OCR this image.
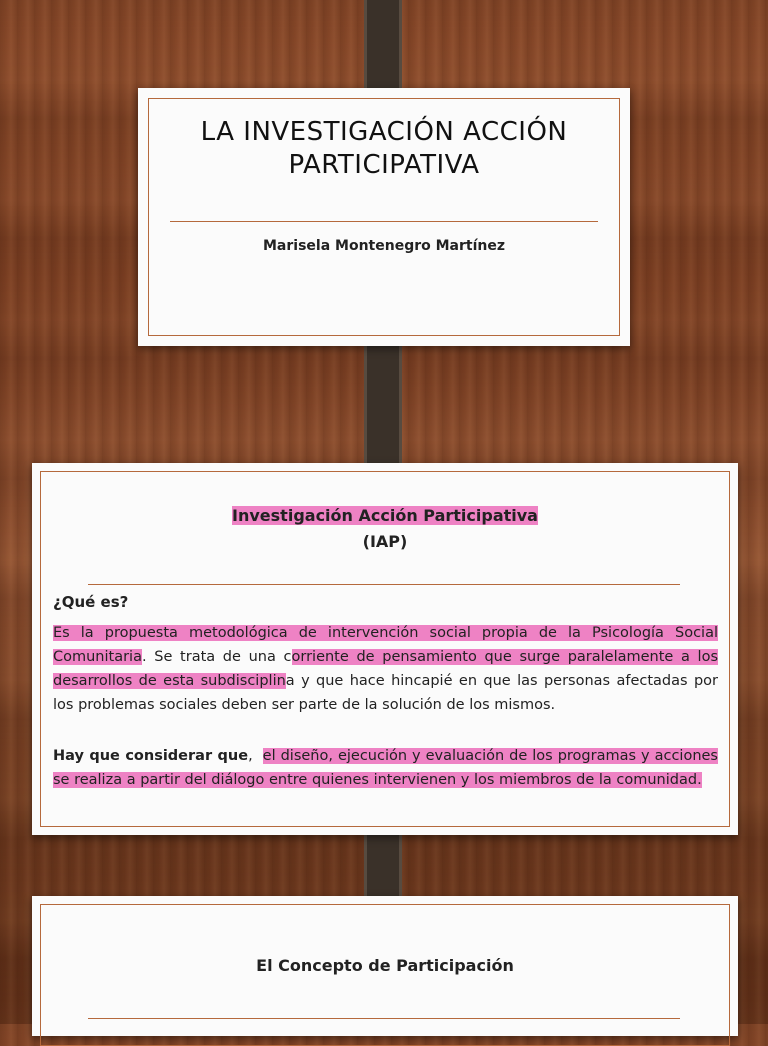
LA INVESTIGACIÓN ACCIÓN
PARTICIPATIVA
Marisela Montenegro Martínez
Investigación Acción Participativa
(IAP)
¿Qué es?

Es la propuesta metodológica de intervención social propia de la Psicología Social Comunitaria. Se trata de una corriente de pensamiento que surge paralelamente a los desarrollos de esta subdisciplina y que hace hincapié en que las personas afectadas por los problemas sociales deben ser parte de la solución de los mismos.

Hay que considerar que,  el diseño, ejecución y evaluación de los programas y acciones se realiza a partir del diálogo entre quienes intervienen y los miembros de la comunidad.

El Concepto de Participación
